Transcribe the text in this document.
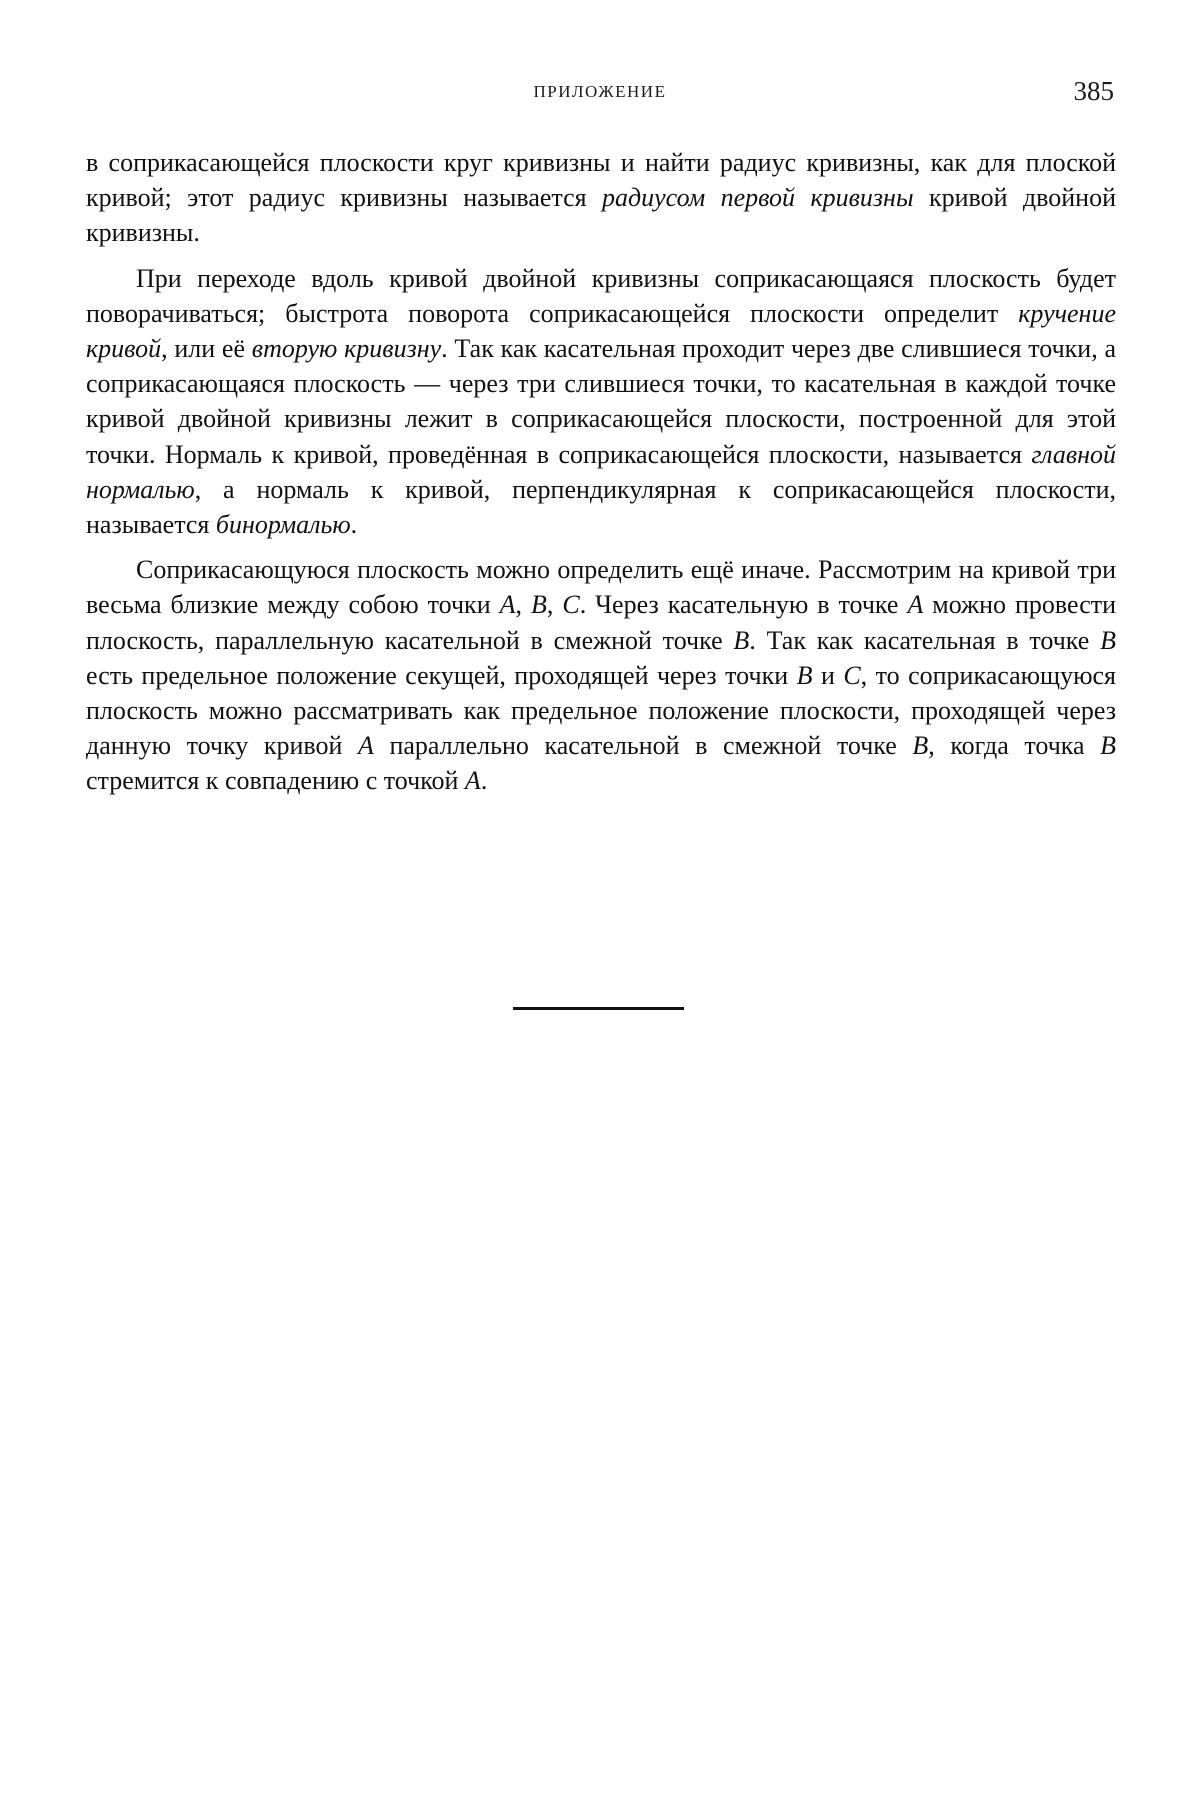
ПРИЛОЖЕНИЕ	385

в соприкасающейся плоскости круг кривизны и найти радиус кривизны, как для плоской кривой; этот радиус кривизны называется радиусом первой кривизны кривой двойной кривизны.

При переходе вдоль кривой двойной кривизны соприкасающаяся плоскость будет поворачиваться; быстрота поворота соприкасающейся плоскости определит кручение кривой, или её вторую кривизну. Так как касательная проходит через две слившиеся точки, а соприкасающаяся плоскость — через три слившиеся точки, то касательная в каждой точке кривой двойной кривизны лежит в соприкасающейся плоскости, построенной для этой точки. Нормаль к кривой, проведённая в соприкасающейся плоскости, называется главной нормалью, а нормаль к кривой, перпендикулярная к соприкасающейся плоскости, называется бинормалью.

Соприкасающуюся плоскость можно определить ещё иначе. Рассмотрим на кривой три весьма близкие между собою точки A, B, C. Через касательную в точке A можно провести плоскость, параллельную касательной в смежной точке B. Так как касательная в точке B есть предельное положение секущей, проходящей через точки B и C, то соприкасающуюся плоскость можно рассматривать как предельное положение плоскости, проходящей через данную точку кривой A параллельно касательной в смежной точке B, когда точка B стремится к совпадению с точкой A.
